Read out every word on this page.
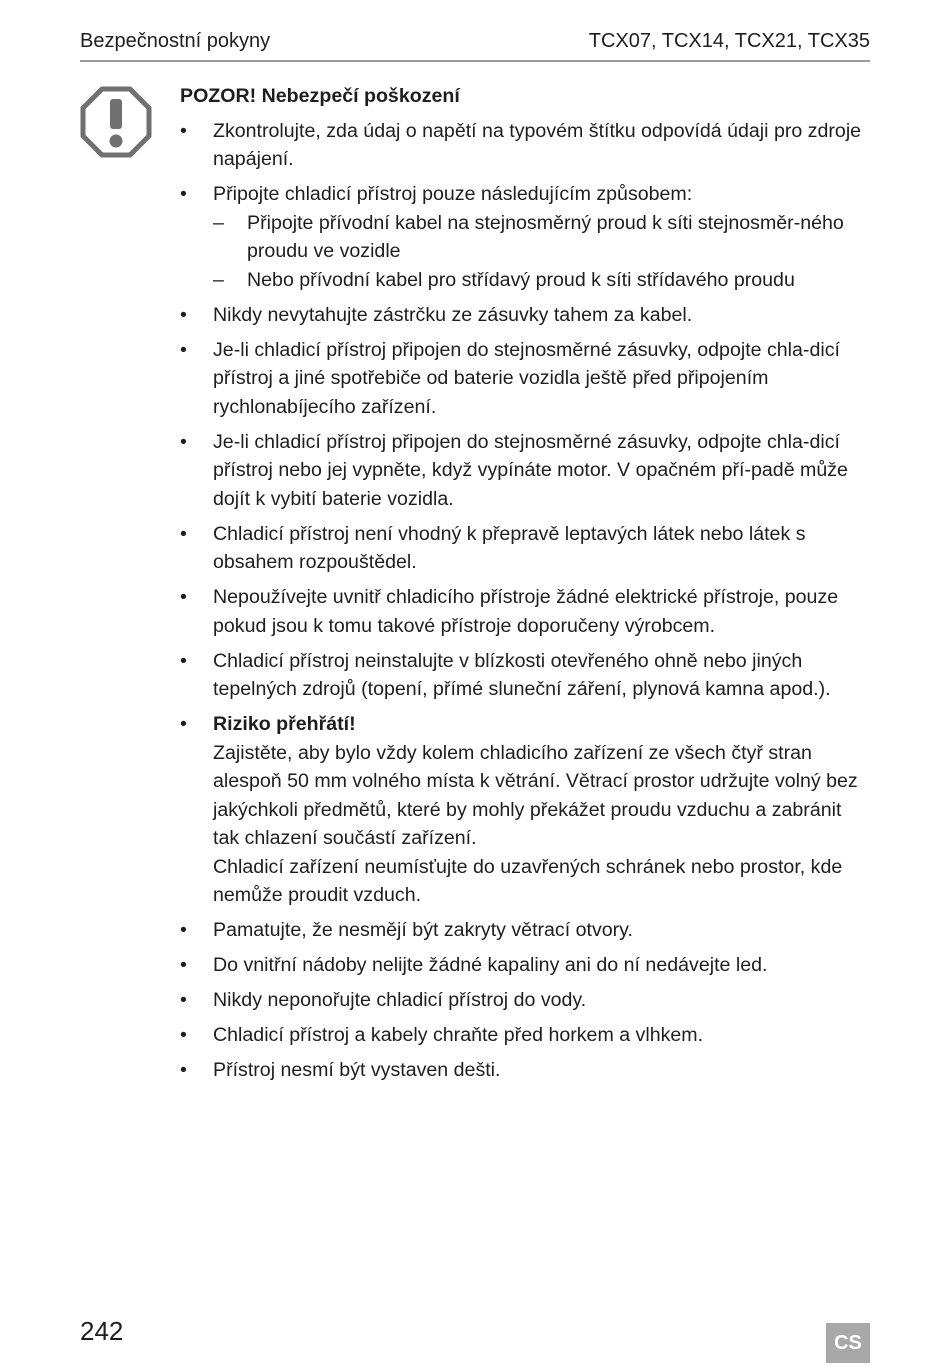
Bezpečnostní pokyny	TCX07, TCX14, TCX21, TCX35
POZOR! Nebezpečí poškození
• Zkontrolujte, zda údaj o napětí na typovém štítku odpovídá údaji pro zdroje napájení.
• Připojte chladicí přístroj pouze následujícím způsobem:
– Připojte přívodní kabel na stejnosměrný proud k síti stejnosměr-ného proudu ve vozidle
– Nebo přívodní kabel pro střídavý proud k síti střídavého proudu
• Nikdy nevytahujte zástrčku ze zásuvky tahem za kabel.
• Je-li chladicí přístroj připojen do stejnosměrné zásuvky, odpojte chla-dicí přístroj a jiné spotřebiče od baterie vozidla ještě před připojením rychlonabíjecího zařízení.
• Je-li chladicí přístroj připojen do stejnosměrné zásuvky, odpojte chla-dicí přístroj nebo jej vypněte, když vypínáte motor. V opačném pří-padě může dojít k vybití baterie vozidla.
• Chladicí přístroj není vhodný k přepravě leptavých látek nebo látek s obsahem rozpouštědel.
• Nepoužívejte uvnitř chladicího přístroje žádné elektrické přístroje, pouze pokud jsou k tomu takové přístroje doporučeny výrobcem.
• Chladicí přístroj neinstalujte v blízkosti otevřeného ohně nebo jiných tepelných zdrojů (topení, přímé sluneční záření, plynová kamna apod.).
• Riziko přehřátí!
Zajistěte, aby bylo vždy kolem chladicího zařízení ze všech čtyř stran alespoň 50 mm volného místa k větrání. Větrací prostor udržujte volný bez jakýchkoli předmětů, které by mohly překážet proudu vzduchu a zabránit tak chlazení součástí zařízení.
Chladicí zařízení neumísťujte do uzavřených schránek nebo prostor, kde nemůže proudit vzduch.
• Pamatujte, že nesmějí být zakryty větrací otvory.
• Do vnitřní nádoby nelijte žádné kapaliny ani do ní nedávejte led.
• Nikdy neponořujte chladicí přístroj do vody.
• Chladicí přístroj a kabely chraňte před horkem a vlhkem.
• Přístroj nesmí být vystaven dešti.
242	CS
